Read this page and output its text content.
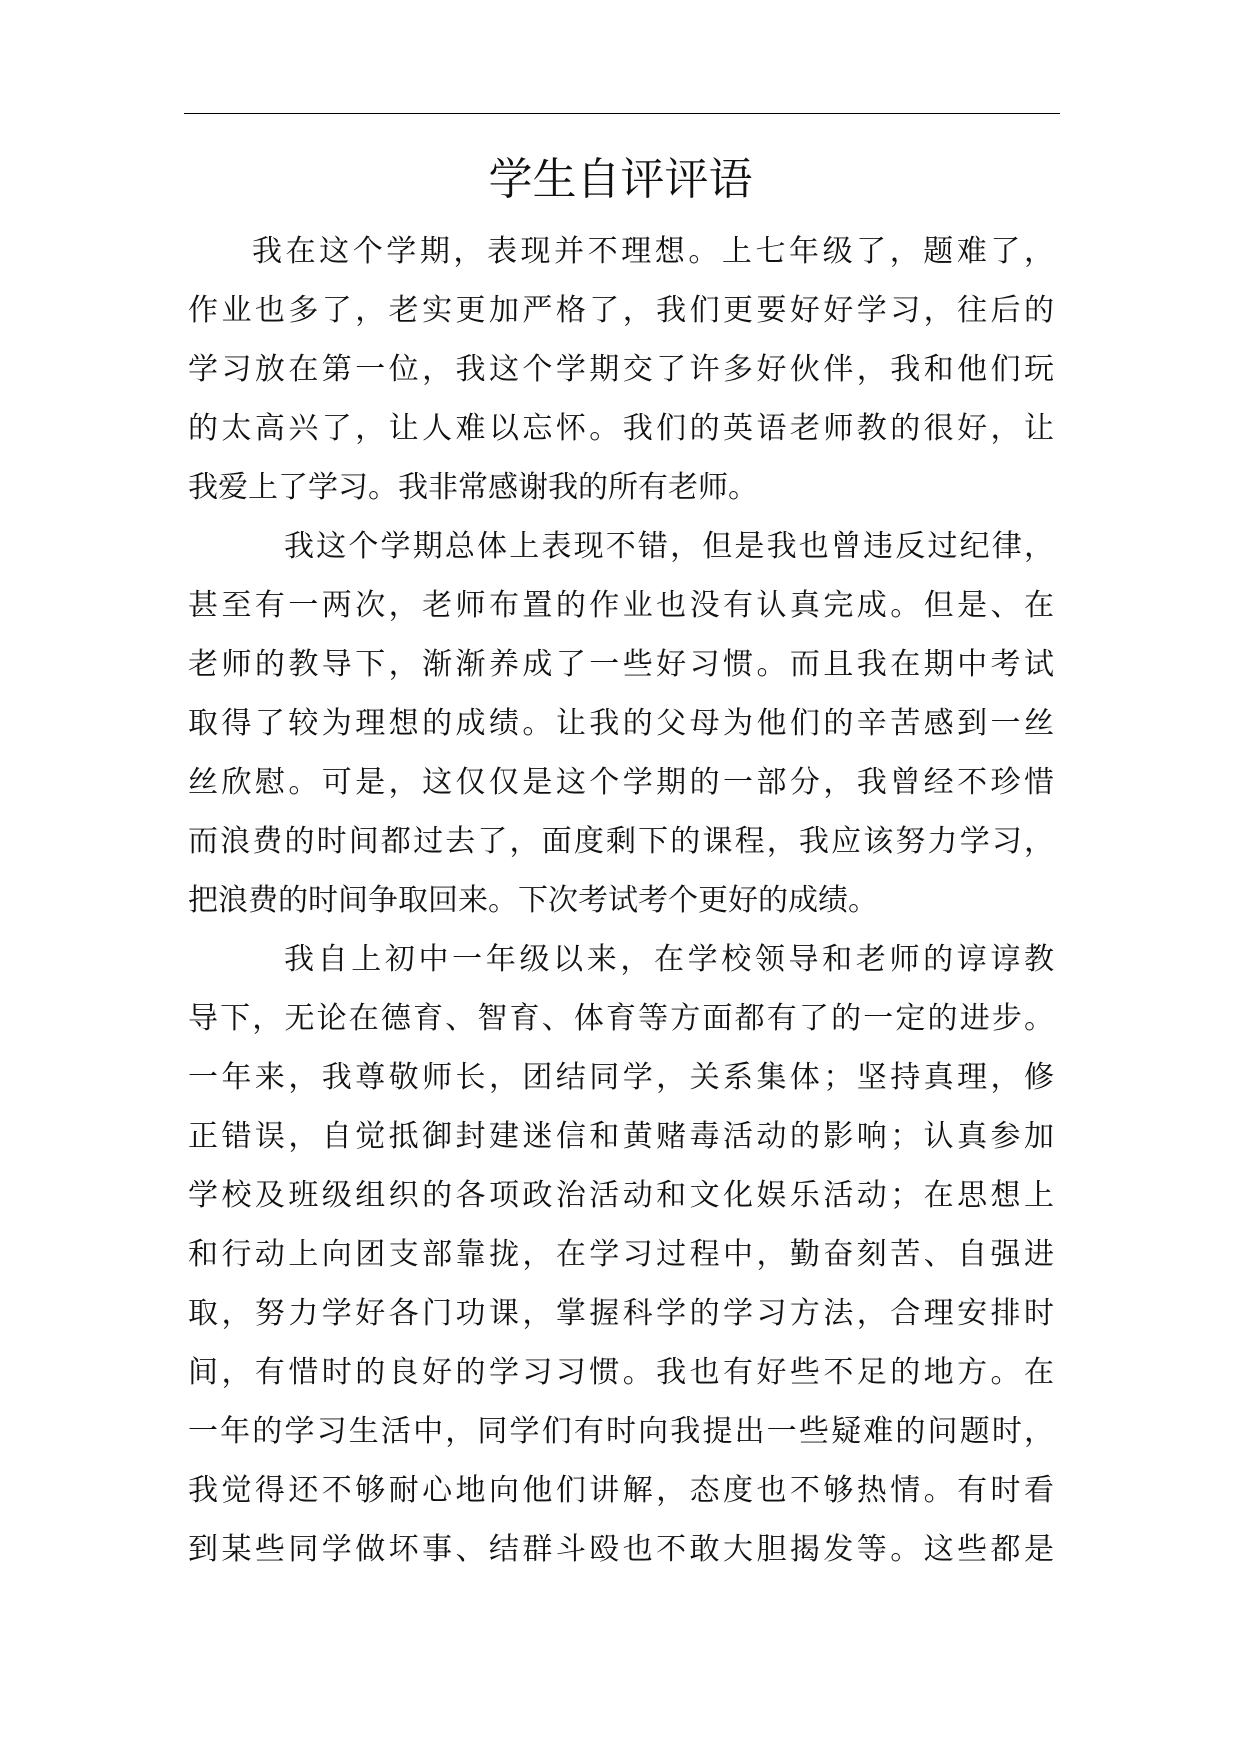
学生自评评语
我在这个学期，表现并不理想。上七年级了，题难了，
作业也多了，老实更加严格了，我们更要好好学习，往后的
学习放在第一位，我这个学期交了许多好伙伴，我和他们玩
的太高兴了，让人难以忘怀。我们的英语老师教的很好，让
我爱上了学习。我非常感谢我的所有老师。
我这个学期总体上表现不错，但是我也曾违反过纪律，
甚至有一两次，老师布置的作业也没有认真完成。但是、在
老师的教导下，渐渐养成了一些好习惯。而且我在期中考试
取得了较为理想的成绩。让我的父母为他们的辛苦感到一丝
丝欣慰。可是，这仅仅是这个学期的一部分，我曾经不珍惜
而浪费的时间都过去了，面度剩下的课程，我应该努力学习，
把浪费的时间争取回来。下次考试考个更好的成绩。
我自上初中一年级以来，在学校领导和老师的谆谆教
导下，无论在德育、智育、体育等方面都有了的一定的进步。
一年来，我尊敬师长，团结同学，关系集体；坚持真理，修
正错误，自觉抵御封建迷信和黄赌毒活动的影响；认真参加
学校及班级组织的各项政治活动和文化娱乐活动；在思想上
和行动上向团支部靠拢，在学习过程中，勤奋刻苦、自强进
取，努力学好各门功课，掌握科学的学习方法，合理安排时
间，有惜时的良好的学习习惯。我也有好些不足的地方。在
一年的学习生活中，同学们有时向我提出一些疑难的问题时，
我觉得还不够耐心地向他们讲解，态度也不够热情。有时看
到某些同学做坏事、结群斗殴也不敢大胆揭发等。这些都是
